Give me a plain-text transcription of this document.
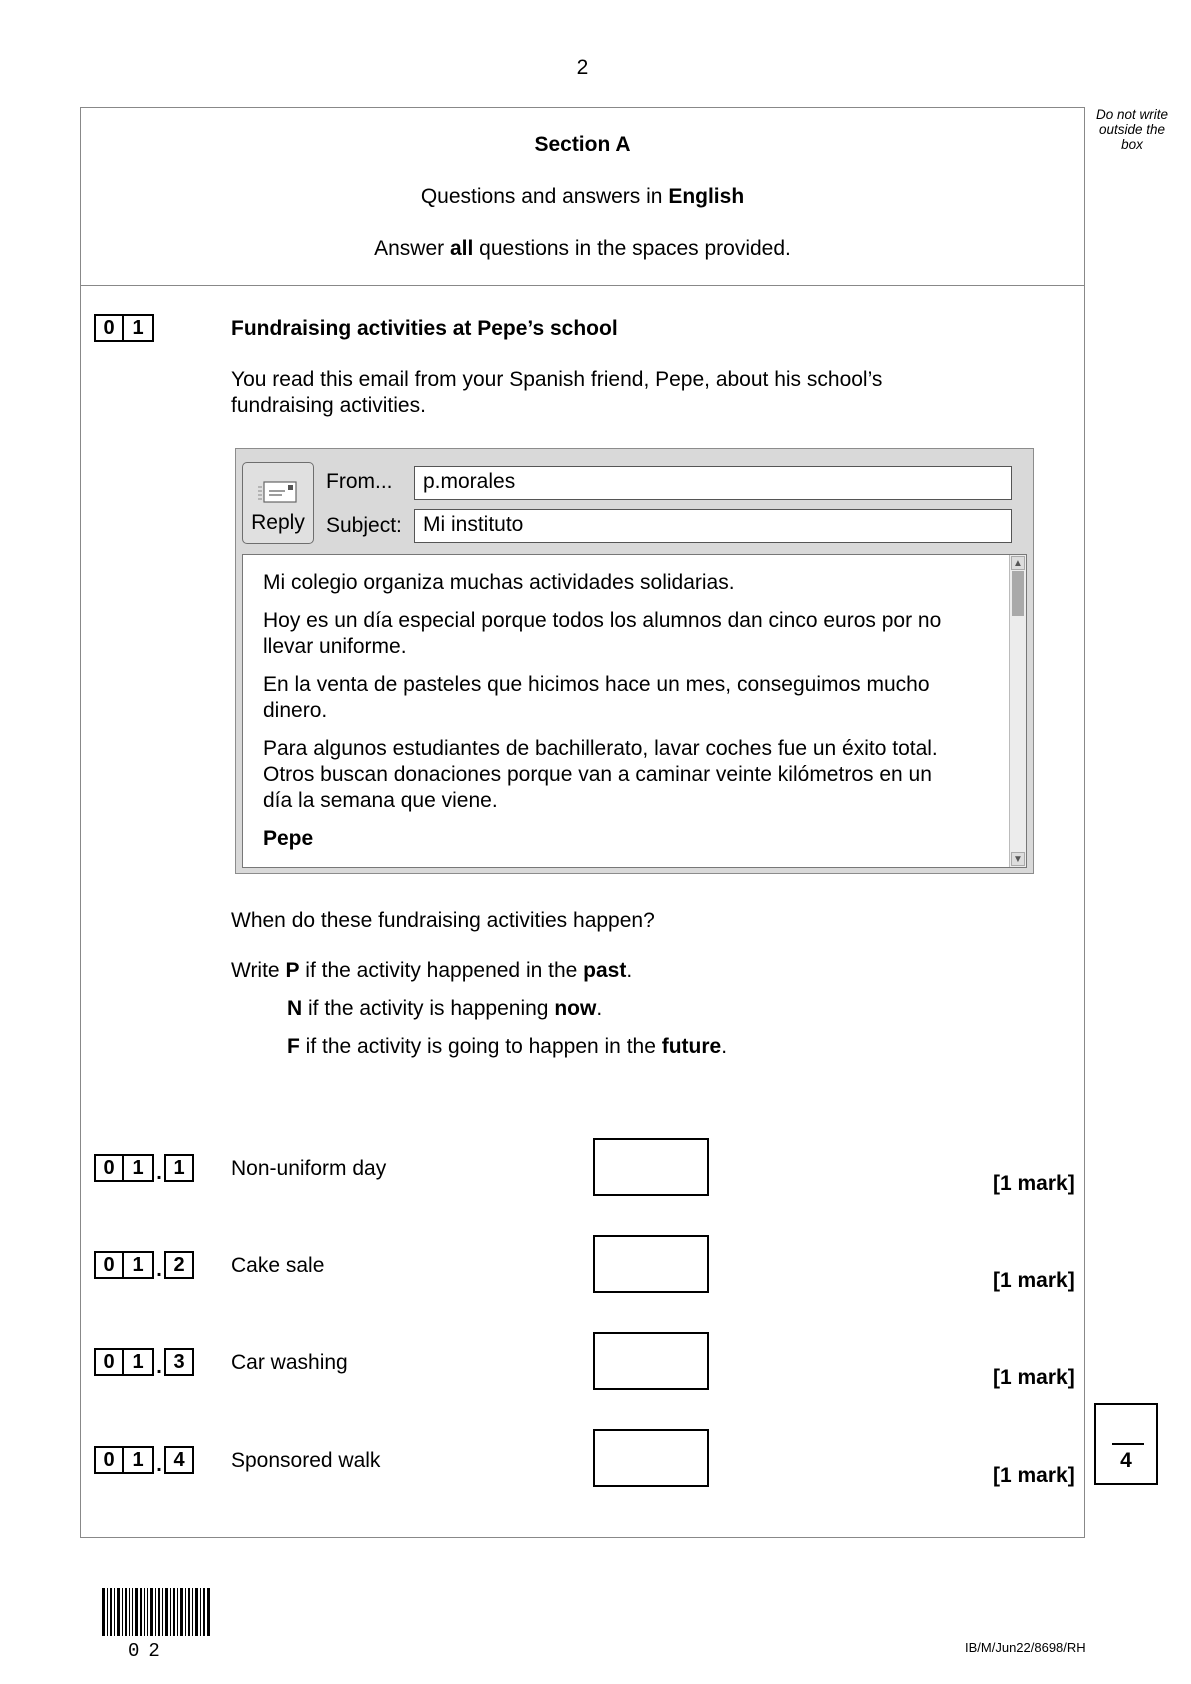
2
Do not write outside the box
Section A
Questions and answers in English
Answer all questions in the spaces provided.
0 1	Fundraising activities at Pepe’s school
You read this email from your Spanish friend, Pepe, about his school’s
fundraising activities.
Reply
From...	p.morales
Subject:	Mi instituto
Mi colegio organiza muchas actividades solidarias.
Hoy es un día especial porque todos los alumnos dan cinco euros por no
llevar uniforme.
En la venta de pasteles que hicimos hace un mes, conseguimos mucho
dinero.
Para algunos estudiantes de bachillerato, lavar coches fue un éxito total.
Otros buscan donaciones porque van a caminar veinte kilómetros en un
día la semana que viene.
Pepe
▲
▼
When do these fundraising activities happen?
Write P if the activity happened in the past.
N if the activity is happening now.
F if the activity is going to happen in the future.
0 1 . 1	Non-uniform day
[1 mark]
0 1 . 2	Cake sale
[1 mark]
0 1 . 3	Car washing
[1 mark]
0 1 . 4	Sponsored walk
[1 mark]
4
02	IB/M/Jun22/8698/RH
